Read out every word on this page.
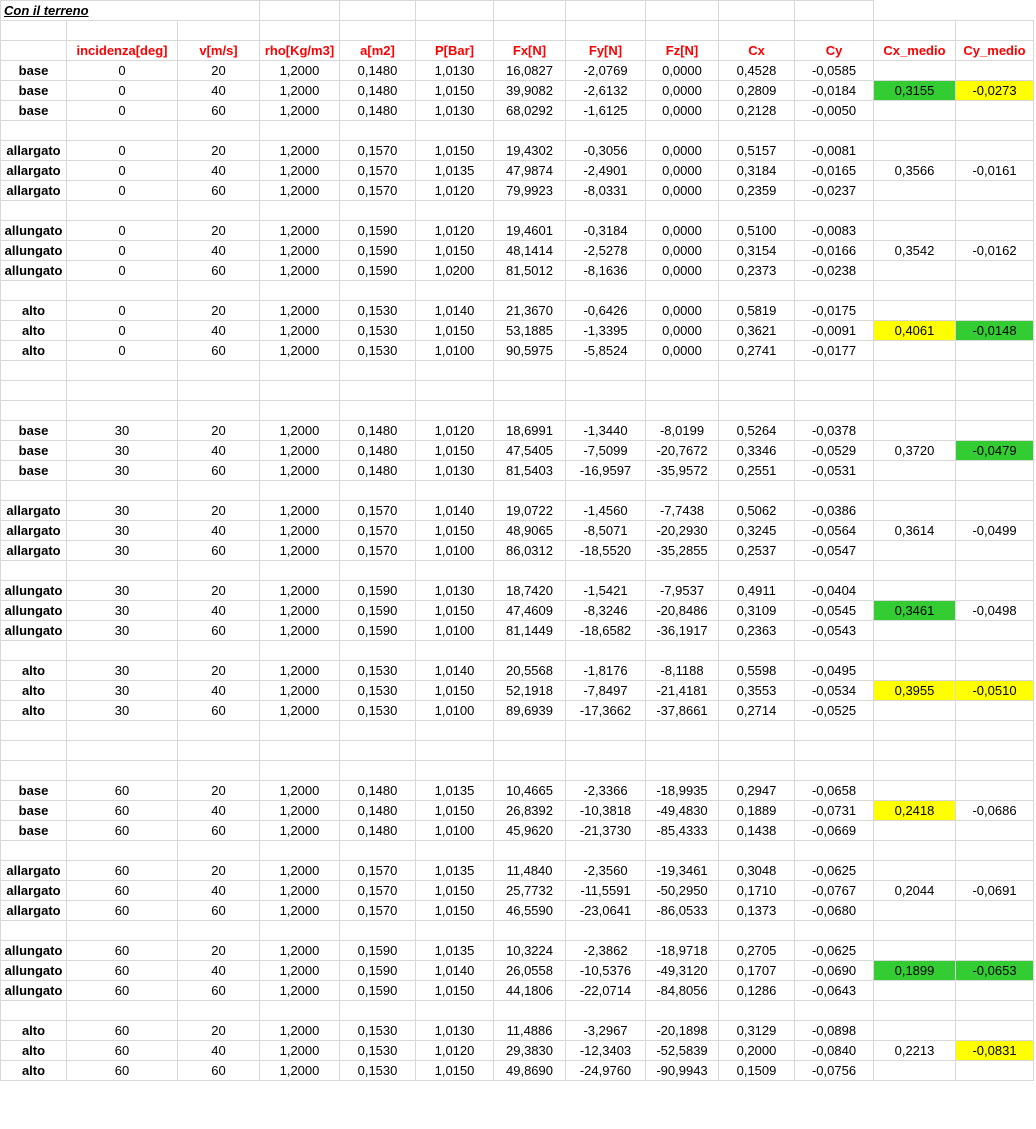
Con il terreno												

	incidenza[deg]	v[m/s]	rho[Kg/m3]	a[m2]	P[Bar]	Fx[N]	Fy[N]	Fz[N]	Cx	Cy	Cx_medio	Cy_medio
base	0	20	1,2000	0,1480	1,0130	16,0827	-2,0769	0,0000	0,4528	-0,0585		
base	0	40	1,2000	0,1480	1,0150	39,9082	-2,6132	0,0000	0,2809	-0,0184	0,3155	-0,0273
base	0	60	1,2000	0,1480	1,0130	68,0292	-1,6125	0,0000	0,2128	-0,0050		

allargato	0	20	1,2000	0,1570	1,0150	19,4302	-0,3056	0,0000	0,5157	-0,0081		
allargato	0	40	1,2000	0,1570	1,0135	47,9874	-2,4901	0,0000	0,3184	-0,0165	0,3566	-0,0161
allargato	0	60	1,2000	0,1570	1,0120	79,9923	-8,0331	0,0000	0,2359	-0,0237		

allungato	0	20	1,2000	0,1590	1,0120	19,4601	-0,3184	0,0000	0,5100	-0,0083		
allungato	0	40	1,2000	0,1590	1,0150	48,1414	-2,5278	0,0000	0,3154	-0,0166	0,3542	-0,0162
allungato	0	60	1,2000	0,1590	1,0200	81,5012	-8,1636	0,0000	0,2373	-0,0238		

alto	0	20	1,2000	0,1530	1,0140	21,3670	-0,6426	0,0000	0,5819	-0,0175		
alto	0	40	1,2000	0,1530	1,0150	53,1885	-1,3395	0,0000	0,3621	-0,0091	0,4061	-0,0148
alto	0	60	1,2000	0,1530	1,0100	90,5975	-5,8524	0,0000	0,2741	-0,0177		

base	30	20	1,2000	0,1480	1,0120	18,6991	-1,3440	-8,0199	0,5264	-0,0378		
base	30	40	1,2000	0,1480	1,0150	47,5405	-7,5099	-20,7672	0,3346	-0,0529	0,3720	-0,0479
base	30	60	1,2000	0,1480	1,0130	81,5403	-16,9597	-35,9572	0,2551	-0,0531		

allargato	30	20	1,2000	0,1570	1,0140	19,0722	-1,4560	-7,7438	0,5062	-0,0386		
allargato	30	40	1,2000	0,1570	1,0150	48,9065	-8,5071	-20,2930	0,3245	-0,0564	0,3614	-0,0499
allargato	30	60	1,2000	0,1570	1,0100	86,0312	-18,5520	-35,2855	0,2537	-0,0547		

allungato	30	20	1,2000	0,1590	1,0130	18,7420	-1,5421	-7,9537	0,4911	-0,0404		
allungato	30	40	1,2000	0,1590	1,0150	47,4609	-8,3246	-20,8486	0,3109	-0,0545	0,3461	-0,0498
allungato	30	60	1,2000	0,1590	1,0100	81,1449	-18,6582	-36,1917	0,2363	-0,0543		

alto	30	20	1,2000	0,1530	1,0140	20,5568	-1,8176	-8,1188	0,5598	-0,0495		
alto	30	40	1,2000	0,1530	1,0150	52,1918	-7,8497	-21,4181	0,3553	-0,0534	0,3955	-0,0510
alto	30	60	1,2000	0,1530	1,0100	89,6939	-17,3662	-37,8661	0,2714	-0,0525		

base	60	20	1,2000	0,1480	1,0135	10,4665	-2,3366	-18,9935	0,2947	-0,0658		
base	60	40	1,2000	0,1480	1,0150	26,8392	-10,3818	-49,4830	0,1889	-0,0731	0,2418	-0,0686
base	60	60	1,2000	0,1480	1,0100	45,9620	-21,3730	-85,4333	0,1438	-0,0669		

allargato	60	20	1,2000	0,1570	1,0135	11,4840	-2,3560	-19,3461	0,3048	-0,0625		
allargato	60	40	1,2000	0,1570	1,0150	25,7732	-11,5591	-50,2950	0,1710	-0,0767	0,2044	-0,0691
allargato	60	60	1,2000	0,1570	1,0150	46,5590	-23,0641	-86,0533	0,1373	-0,0680		

allungato	60	20	1,2000	0,1590	1,0135	10,3224	-2,3862	-18,9718	0,2705	-0,0625		
allungato	60	40	1,2000	0,1590	1,0140	26,0558	-10,5376	-49,3120	0,1707	-0,0690	0,1899	-0,0653
allungato	60	60	1,2000	0,1590	1,0150	44,1806	-22,0714	-84,8056	0,1286	-0,0643		

alto	60	20	1,2000	0,1530	1,0130	11,4886	-3,2967	-20,1898	0,3129	-0,0898		
alto	60	40	1,2000	0,1530	1,0120	29,3830	-12,3403	-52,5839	0,2000	-0,0840	0,2213	-0,0831
alto	60	60	1,2000	0,1530	1,0150	49,8690	-24,9760	-90,9943	0,1509	-0,0756		
